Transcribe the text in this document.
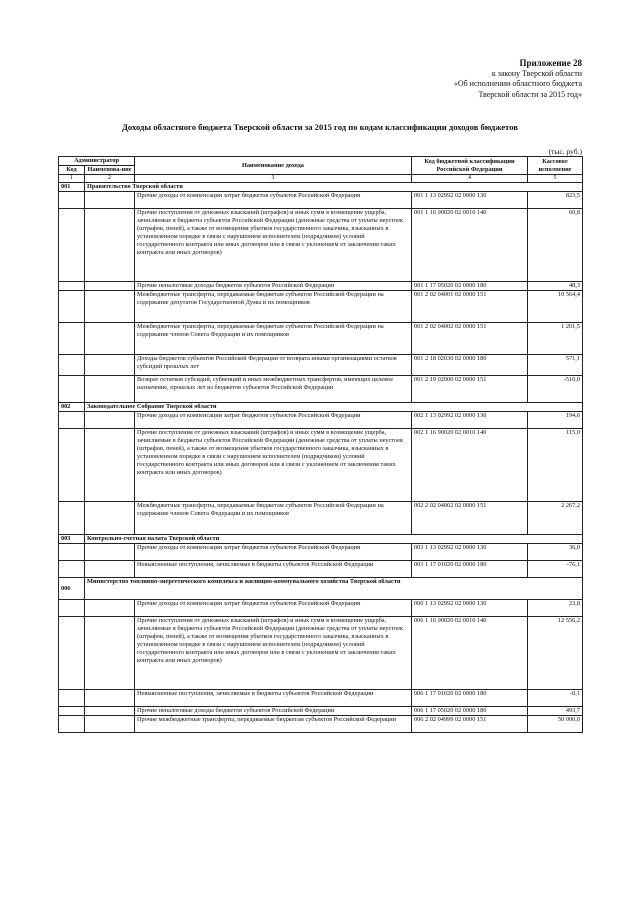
Приложение 28
к закону Тверской области
«Об исполнении областного бюджета
Тверской области за 2015 год»
Доходы областного бюджета Тверской области за 2015 год по кодам классификации доходов бюджетов
(тыс. руб.)
Администратор		Наименование дохода	Код бюджетной классификации Российской Федерации	Кассовое исполнение
Код	Наименова-ние			
1	2	3	4	5
001	Правительство Тверской области			
		Прочие доходы от компенсации затрат бюджетов субъектов Российской Федерации	001 1 13 02992 02 0000 130	823,5
		Прочие поступления от денежных взысканий (штрафов) и иных сумм в возмещение ущерба, зачисляемые в бюджеты субъектов Российской Федерации (денежные средства от уплаты неустоек (штрафов, пеней), а также от возмещения убытков государственного заказчика, взысканных в установленном порядке в связи с нарушением исполнителем (подрядчиком) условий государственного контракта или иных договоров или в связи с уклонением от заключения таких контракта или иных договоров)	001 1 16 90020 02 0010 140	60,8
		Прочие неналоговые доходы бюджетов субъектов Российской Федерации	001 1 17 05020 02 0000 180	48,3
		Межбюджетные трансферты, передаваемые бюджетам субъектов Российской Федерации на содержание депутатов Государственной Думы и их помощников	001 2 02 04001 02 0000 151	10 564,4
		Межбюджетные трансферты, передаваемые бюджетам субъектов Российской Федерации на содержание членов Совета Федерации и их помощников	001 2 02 04002 02 0000 151	1 201,5
		Доходы бюджетов субъектов Российской Федерации от возврата иными организациями остатков субсидий прошлых лет	001 2 18 02030 02 0000 180	571,1
		Возврат остатков субсидий, субвенций и иных межбюджетных трансфертов, имеющих целевое назначение, прошлых лет из бюджетов субъектов Российской Федерации	001 2 19 02000 02 0000 151	-510,0
002	Законодательное Собрание Тверской области			
		Прочие доходы от компенсации затрат бюджетов субъектов Российской Федерации	002 1 13 02992 02 0000 130	194,6
		Прочие поступления от денежных взысканий (штрафов) и иных сумм в возмещение ущерба, зачисляемые в бюджеты субъектов Российской Федерации (денежные средства от уплаты неустоек (штрафов, пеней), а также от возмещения убытков государственного заказчика, взысканных в установленном порядке в связи с нарушением исполнителем (подрядчиком) условий государственного контракта или иных договоров или в связи с уклонением от заключения таких контракта или иных договоров)	002 1 16 90020 02 0010 140	115,0
		Межбюджетные трансферты, передаваемые бюджетам субъектов Российской Федерации на содержание членов Совета Федерации и их помощников	002 2 02 04002 02 0000 151	2 267,2
003	Контрольно-счетная палата Тверской области			
		Прочие доходы от компенсации затрат бюджетов субъектов Российской Федерации	003 1 13 02992 02 0000 130	36,0
		Невыясненные поступления, зачисляемые в бюджеты субъектов Российской Федерации	003 1 17 01020 02 0000 180	-76,1
006	Министерство топливно-энергетического комплекса и жилищно-коммунального хозяйства Тверской области			
		Прочие доходы от компенсации затрат бюджетов субъектов Российской Федерации	006 1 13 02992 02 0000 130	23,8
		Прочие поступления от денежных взысканий (штрафов) и иных сумм в возмещение ущерба, зачисляемые в бюджеты субъектов Российской Федерации (денежные средства от уплаты неустоек (штрафов, пеней), а также от возмещения убытков государственного заказчика, взысканных в установленном порядке в связи с нарушением исполнителем (подрядчиком) условий государственного контракта или иных договоров или в связи с уклонением от заключения таких контракта или иных договоров)	006 1 16 90020 02 0010 140	12 556,2
		Невыясненные поступления, зачисляемые в бюджеты субъектов Российской Федерации	006 1 17 01020 02 0000 180	-0,1
		Прочие неналоговые доходы бюджетов субъектов Российской Федерации	006 1 17 05020 02 0000 180	493,7
		Прочие межбюджетные трансферты, передаваемые бюджетам субъектов Российской Федерации	006 2 02 04999 02 0000 151	50 000,0
